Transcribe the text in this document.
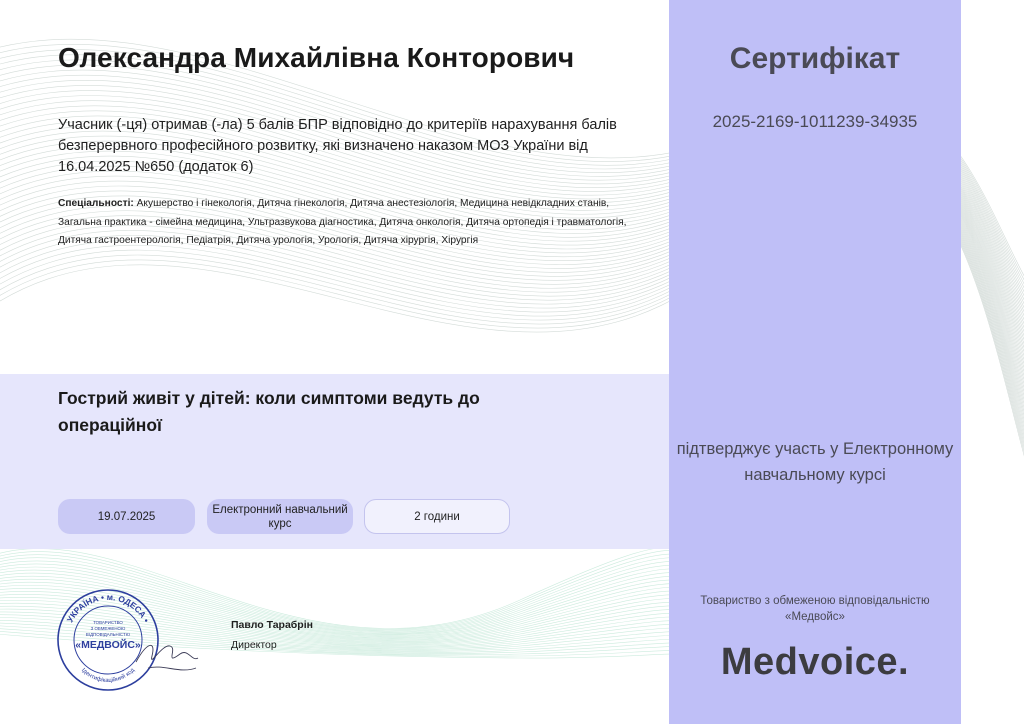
Олександра Михайлівна Конторович
Учасник (-ця) отримав (-ла) 5 балів БПР відповідно до критеріїв нарахування балів безперервного професійного розвитку, які визначено наказом МОЗ України від 16.04.2025 №650 (додаток 6)
Спеціальності: Акушерство і гінекологія, Дитяча гінекологія, Дитяча анестезіологія, Медицина невідкладних станів, Загальна практика - сімейна медицина, Ультразвукова діагностика, Дитяча онкологія, Дитяча ортопедія і травматологія, Дитяча гастроентерологія, Педіатрія, Дитяча урологія, Урологія, Дитяча хірургія, Хірургія
Гострий живіт у дітей: коли симптоми ведуть до операційної
19.07.2025
Електронний навчальний курс
2 години
УКРАЇНА • м. ОДЕСА •
Ідентифікаційний код
ТОВАРИСТВО
З ОБМЕЖЕНОЮ
ВІДПОВІДАЛЬНІСТЮ
«МЕДВОЙС»
Павло Тарабрін
Директор
Сертифікат
2025-2169-1011239-34935
підтверджує участь у Електронному навчальному курсі
Товариство з обмеженою відповідальністю «Медвойс»
Medvoice.
